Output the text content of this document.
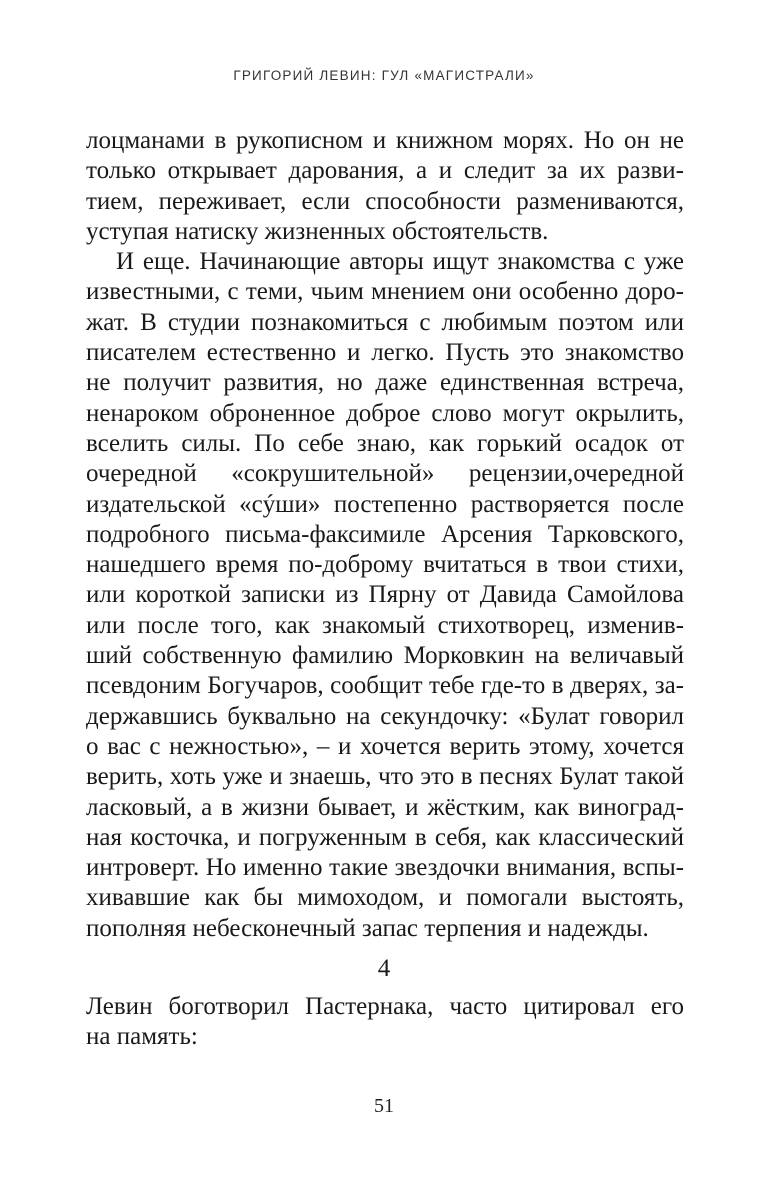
ГРИГОРИЙ ЛЕВИН: ГУЛ «МАГИСТРАЛИ»
лоцманами в рукописном и книжном морях. Но он не
только открывает дарования, а и следит за их разви-
тием, переживает, если способности размениваются,
уступая натиску жизненных обстоятельств.
И еще. Начинающие авторы ищут знакомства с уже
известными, с теми, чьим мнением они особенно доро-
жат. В студии познакомиться с любимым поэтом или
писателем естественно и легко. Пусть это знакомство
не получит развития, но даже единственная встреча,
ненароком оброненное доброе слово могут окрылить,
вселить силы. По себе знаю, как горький осадок от
очередной «сокрушительной» рецензии,очередной
издательской «сýши» постепенно растворяется после
подробного письма-факсимиле Арсения Тарковского,
нашедшего время по-доброму вчитаться в твои стихи,
или короткой записки из Пярну от Давида Самойлова
или после того, как знакомый стихотворец, изменив-
ший собственную фамилию Морковкин на величавый
псевдоним Богучаров, сообщит тебе где-то в дверях, за-
державшись буквально на секундочку: «Булат говорил
о вас с нежностью», – и хочется верить этому, хочется
верить, хоть уже и знаешь, что это в песнях Булат такой
ласковый, а в жизни бывает, и жёстким, как виноград-
ная косточка, и погруженным в себя, как классический
интроверт. Но именно такие звездочки внимания, вспы-
хивавшие как бы мимоходом, и помогали выстоять,
пополняя небесконечный запас терпения и надежды.
4
Левин боготворил Пастернака, часто цитировал его
на память:
51
